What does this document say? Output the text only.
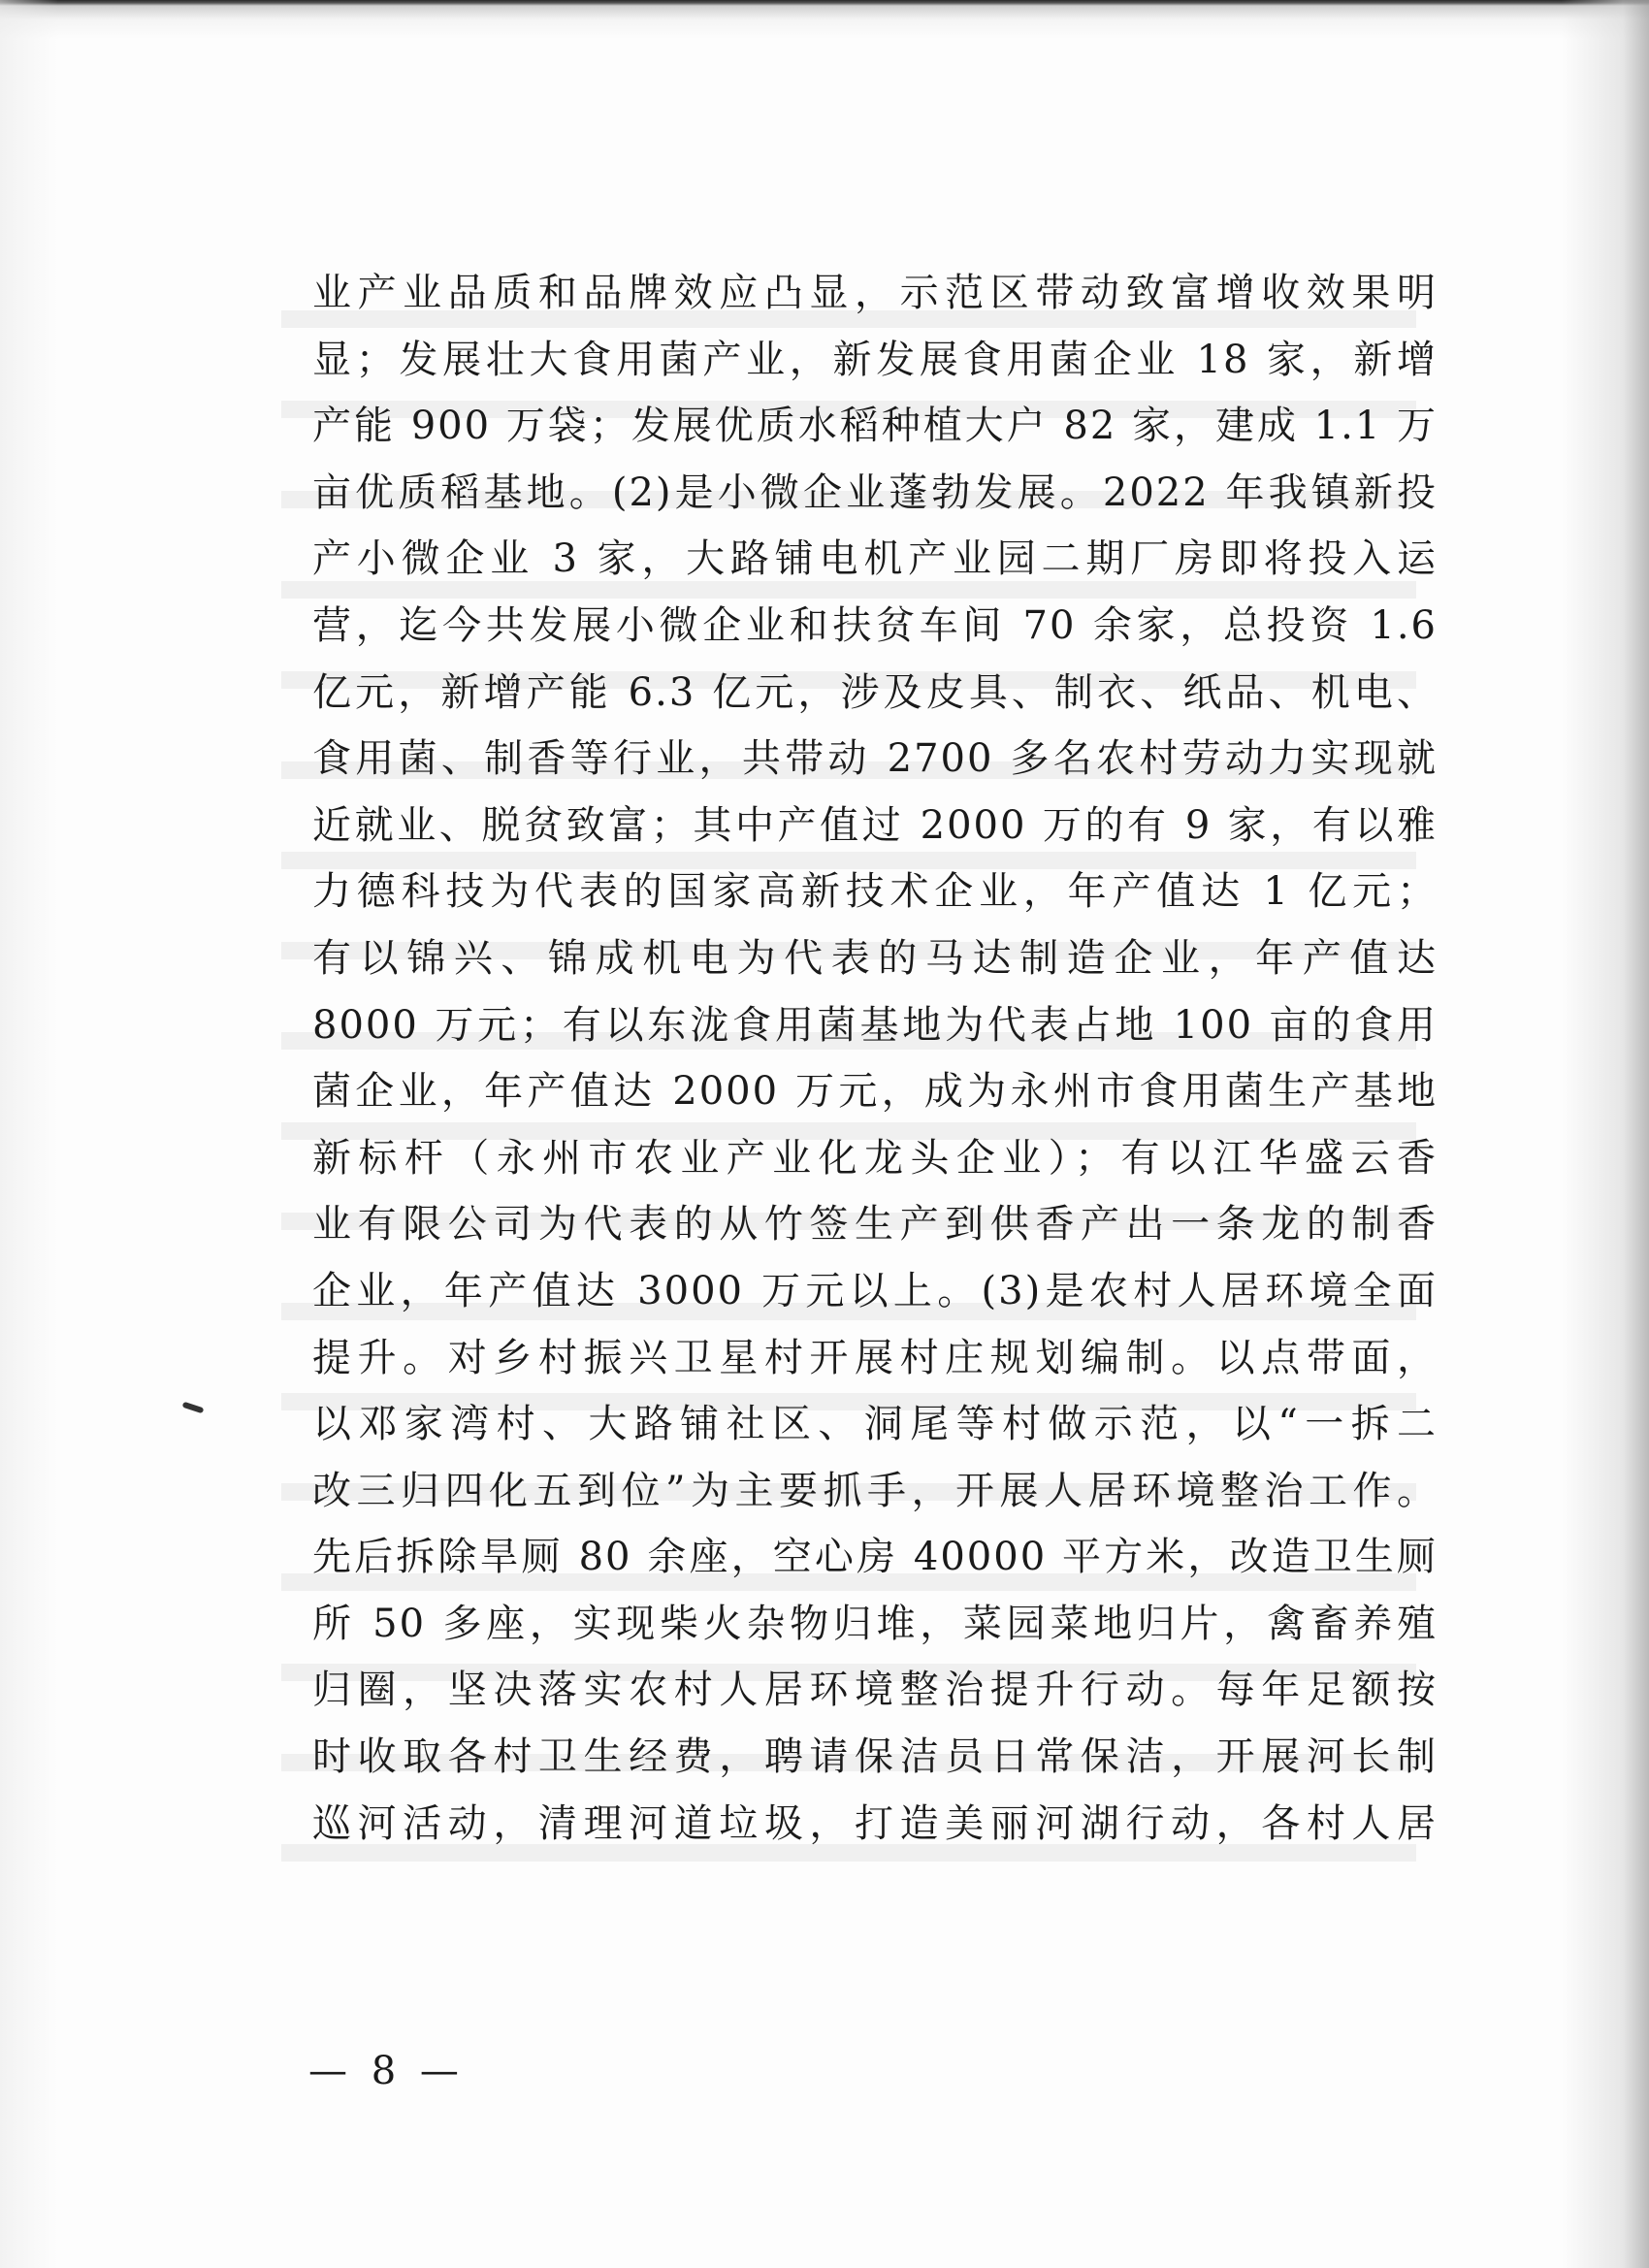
业产业品质和品牌效应凸显，示范区带动致富增收效果明
显；发展壮大食用菌产业，新发展食用菌企业 18 家，新增
产能 900 万袋；发展优质水稻种植大户 82 家，建成 1.1 万
亩优质稻基地。(2)是小微企业蓬勃发展。2022 年我镇新投
产小微企业 3 家，大路铺电机产业园二期厂房即将投入运
营，迄今共发展小微企业和扶贫车间 70 余家，总投资 1.6
亿元，新增产能 6.3 亿元，涉及皮具、制衣、纸品、机电、
食用菌、制香等行业，共带动 2700 多名农村劳动力实现就
近就业、脱贫致富；其中产值过 2000 万的有 9 家，有以雅
力德科技为代表的国家高新技术企业，年产值达 1 亿元；
有以锦兴、锦成机电为代表的马达制造企业，年产值达
8000 万元；有以东泷食用菌基地为代表占地 100 亩的食用
菌企业，年产值达 2000 万元，成为永州市食用菌生产基地
新标杆（永州市农业产业化龙头企业）；有以江华盛云香
业有限公司为代表的从竹签生产到供香产出一条龙的制香
企业，年产值达 3000 万元以上。(3)是农村人居环境全面
提升。对乡村振兴卫星村开展村庄规划编制。以点带面，
以邓家湾村、大路铺社区、洞尾等村做示范，以“一拆二
改三归四化五到位”为主要抓手，开展人居环境整治工作。
先后拆除旱厕 80 余座，空心房 40000 平方米，改造卫生厕
所 50 多座，实现柴火杂物归堆，菜园菜地归片，禽畜养殖
归圈，坚决落实农村人居环境整治提升行动。每年足额按
时收取各村卫生经费，聘请保洁员日常保洁，开展河长制
巡河活动，清理河道垃圾，打造美丽河湖行动，各村人居
— 8 —
